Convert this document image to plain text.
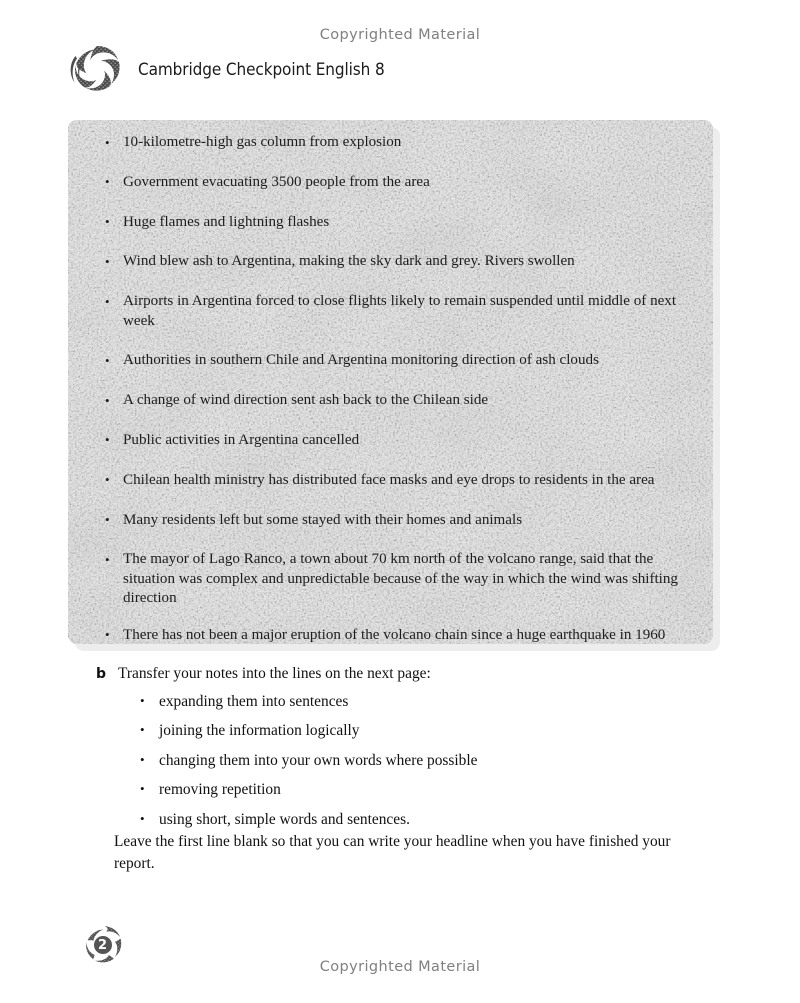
Copyrighted Material
Cambridge Checkpoint English 8
• 10-kilometre-high gas column from explosion
• Government evacuating 3500 people from the area
• Huge flames and lightning flashes
• Wind blew ash to Argentina, making the sky dark and grey. Rivers swollen
• Airports in Argentina forced to close flights likely to remain suspended until middle of next week
• Authorities in southern Chile and Argentina monitoring direction of ash clouds
• A change of wind direction sent ash back to the Chilean side
• Public activities in Argentina cancelled
• Chilean health ministry has distributed face masks and eye drops to residents in the area
• Many residents left but some stayed with their homes and animals
• The mayor of Lago Ranco, a town about 70 km north of the volcano range, said that the situation was complex and unpredictable because of the way in which the wind was shifting direction
• There has not been a major eruption of the volcano chain since a huge earthquake in 1960
b Transfer your notes into the lines on the next page:
• expanding them into sentences
• joining the information logically
• changing them into your own words where possible
• removing repetition
• using short, simple words and sentences.
Leave the first line blank so that you can write your headline when you have finished your report.
2
Copyrighted Material
